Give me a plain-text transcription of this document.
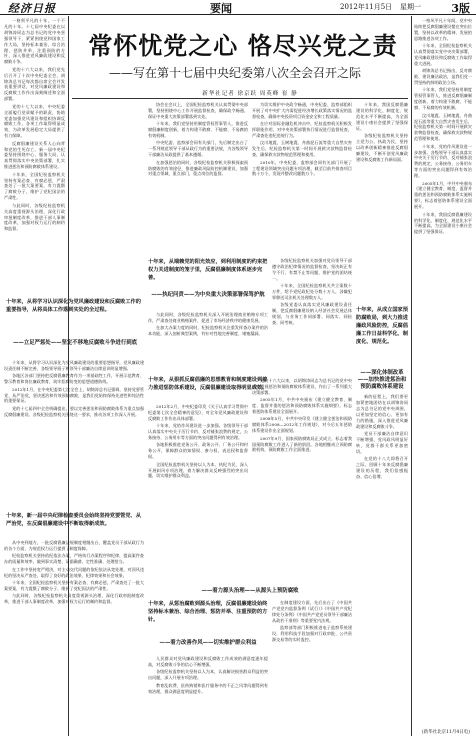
经济日报	要闻	2012年11月5日 星期一	3版
常怀忧党之心 恪尽兴党之责
——写在第十七届中央纪委第八次全会召开之际
新华社记者 徐京跃 周英峰 崔 静

一格须平凡的十年，一个不凡的十年。十七届中央纪委在以胡锦涛同志为总书记的党中央坚强领导下，紧紧围绕党和国家工作大局，坚持标本兼治、综合治理、惩防并举、注重预防的方针，深入推进党风廉政建设和反腐败斗争。

党的十六大以来，我们党先后召开了十次中央纪委全会，胡锦涛总书记每次都出席全会并发表重要讲话，对党风廉政建设和反腐败工作作出深刻阐述和全面部署。

党的十七大以来，中央纪委全面履行党章赋予的职责，协助党委加强党风建设和组织协调反腐败工作，各项工作取得明显成效，为改革发展稳定大局提供了有力保障。

反腐倡廉建设关系人心向背和党的生死存亡。新一届中央纪委坚持围绕中心、服务大局，认真贯彻落实中央决策部署，扎实推进惩治和预防腐败体系建设。

十年来，全国纪检监察机关坚持有案必查、有腐必惩，严肃查处了一批大案要案，有力震慑了腐败分子，维护了党纪国法的严肃性。

与此同时，各级纪检监察机关高度重视源头治理，深化行政审批制度改革，推进干部人事制度改革，加强对权力运行的制约和监督。

十年来，从将学习认识深化为党风廉政建设和反腐败工作的重要指导，从将具体工作落到实处的全过程。
——立足严惩处——坚定不移地反腐败斗争进行到底

十年来，从将学习认识深化为党风廉政建设的重要思想指导，党风廉政建设责任制不断完善，各级领导班子和领导干部廉洁自律意识明显增强。

各地区各部门坚持把反腐倡廉教育作为一项基础性工作，开展示范教育、警示教育和岗位廉政教育，筑牢拒腐防变的思想道德防线。

2012年1月，在中央纪委第七次全会上，胡锦涛总书记强调，坚持党要管党、从严治党，坚决惩治和有效预防腐败，是我们党始终保持先进性和纯洁性的重要保证。

党的十七届四中全会明确提出，要以完善惩治和预防腐败体系为重点加强反腐倡廉建设。各级纪检监察机关围绕这一要求，推动各项工作深入开展。

十年来，新一届中央纪律检查委员会始终坚持党要管党、从严治党，在反腐倡廉建设中不断取得新成效。

从中央到地方，一批反腐倡廉法规制度相继出台，覆盖党员干部从政行为的各个方面，为规范权力运行提供了制度保障。

纪检监察机关坚持依纪依法办案，严格执行办案程序和纪律，提高案件查办的质量和效率，做到事实清楚、证据确凿、定性准确、处理恰当。

在工作中坚持宽严相济，对主动交代问题的依纪依法从宽处理，对顶风违纪的坚决从严查处，取得了良好的政治效果、纪律效果和社会效果。

十年来，全国纪检监察机关坚持有案必查、有腐必惩，严肃查处了一批大案要案，有力震慑了腐败分子，维护了党纪国法的严肃性。

与此同时，各级纪检监察机关高度重视源头治理，深化行政审批制度改革，推进干部人事制度改革，加强对权力运行的制约和监督。

协会在会议上，全国纪检监察机关认真贯彻中央部署，坚持围绕中心工作开展监督检查，确保政令畅通，保证中央重大决策部署落到实处。

十年来，我们党坚持用制度管权管事管人，推进反腐倡廉制度创新，着力构建不敢腐、不能腐、不易腐的有效机制。

中央纪委、监察部会同有关部门，先后制定出台了一系列规范领导干部从政行为的重要法规，为各级领导干部廉洁从政提供了基本遵循。

在加强惩治的同时，各级纪检监察机关积极探索预防腐败的有效途径，推进廉政风险防控机制建设，加强对重点领域、重点部门、重点岗位的监督。

为切实维护中央政令畅通，中央纪委、监察部组织开展了对中央扩大内需促进经济增长政策落实情况的监督检查，确保中央投资项目资金安全和工程质量。

在应对国际金融危机冲击中，纪检监察机关积极发挥职能作用，对中央决策部署执行情况进行监督检查，严肃查处违纪违规行为。

汶川地震、玉树地震、舟曲泥石流等重大自然灾害发生后，纪检监察机关第一时间开展救灾款物监督检查，确保救灾款物规范管理和使用。

2010年，中央纪委、监察部会同有关部门开展了工程建设领域突出问题专项治理，截至目前共排查项目数十万个，发现并整改问题数万个。

十年来，从端赖党的阳光效应，到利用制度的约束把权力关进制度的笼子里，反腐倡廉制度体系逐步完善。
——执纪问责——为中央重大决策部署保驾护航

与此同时，各级纪检监察机关深入开展治理商业贿赂专项工作，严肃查处商业贿赂案件，促进了市场经济秩序的健康发展。

在加大办案力度的同时，纪检监察机关注重发挥查办案件的治本功能，深入剖析典型案例，有针对性地完善制度、堵塞漏洞。

各级纪检监察机关加强对党员领导干部遵守政治纪律情况的监督检查，坚决纠正有令不行、有禁不止等问题，维护党的团结统一。

十年来，全国纪检监察机关共立案数十万件，给予党纪政纪处分数十万人，涉嫌犯罪移送司法机关处理数万人。

各级党委认真落实党风廉政建设责任制，把反腐倡廉建设纳入经济社会发展总体规划，与业务工作同部署、同落实、同检查、同考核。

十年来，从狠抓反腐倡廉的思想教育和制度建设到着力推进惩防体系建设，反腐倡廉建设取得明显成效。

2012年2月，中央纪委印发《关于认真学习贯彻中纪委第七次全会精神的意见》，对全年党风廉政建设和反腐败工作作出具体部署。

十年来，党的作风建设进一步加强。各级领导干部认真落实中央关于厉行节约、反对铺张浪费的规定，公务接待、公务用车等方面的突出问题得到有效治理。

各地积极推进党务公开、政务公开、厂务公开和村务公开，保障群众的知情权、参与权、表达权和监督权。

全国纪检监察机关坚持以人为本、执纪为民，深入开展纠风专项治理，着力解决群众反映强烈的突出问题，切实维护群众利益。

党的十六大以来，以胡锦涛同志为总书记的党中央高度重视惩治和预防腐败体系建设，作出了一系列重大决策部署。

2005年1月，中共中央颁布《建立健全教育、制度、监督并重的惩治和预防腐败体系实施纲要》，标志着惩防体系建设全面展开。

2008年5月，中共中央印发《建立健全惩治和预防腐败体系2008—2012年工作规划》，对今后五年惩防体系建设作出全面规划。

2007年9月，国家预防腐败局正式成立，标志着我国预防腐败工作进入了新的阶段。各地相继成立预防腐败机构，预防腐败工作全面推进。

——着力源头治理——从源头上预防腐败
十年来，从惩治腐败到源头治理，反腐倡廉建设始终坚持标本兼治、综合治理、惩防并举、注重预防的方针。
——着力改善作风——切实维护群众利益

人民群众对党风廉政建设和反腐败工作成效的满意度逐年提高，对反腐败斗争的信心不断增强。

各级纪检监察机关坚持以人为本，认真解决损害群众利益的突出问题，深入开展专项治理。

教育乱收费、医药购销和医疗服务中的不正之风等问题得到有效治理，群众满意度明显提升。

在制度建设方面，先后出台了《中国共产党党内监督条例（试行）》《中国共产党纪律处分条例》《中国共产党党员领导干部廉洁从政若干准则》等重要党内法规。

监察部等部门积极推进电子监察系统建设，利用科技手段加强对行政审批、公共资源交易等的实时监控。

十年来，我国反腐倡廉建设的科学化、制度化、规范化水平不断提高，为全面建设小康社会提供了坚强保证。

各级纪检监察机关坚持立党为公、执政为民，坚持以改革创新精神推进反腐倡廉建设，不断开创党风廉政建设和反腐败工作新局面。

十年来，从成立国家预防腐败局，到大力推进廉政风险防控，反腐倡廉工作日益科学化、制度化、规范化。
——深化体制改革——加快推进惩治和预防腐败体系建设

新的征程上，我们要更加紧密地团结在以胡锦涛同志为总书记的党中央周围，以更加坚定的信心、更加有力的措施，深入推进党风廉政建设和反腐败斗争。

党员干部廉洁自律意识不断增强，党风政风明显好转，党群干群关系更加密切。

在党的十八大即将召开之际，回顾十年来反腐倡廉建设的历程，我们倍感振奋、信心倍增。

一格风平凡十年间，党中央始终把反腐倡廉建设摆在突出位置，坚持以改革的精神、发展的思路推进各项工作。

十年来，全国纪检监察机关认真贯彻落实党中央决策部署，党风廉政建设和反腐败工作取得重大进展。

胡锦涛总书记指出，反对腐败、建设廉洁政治，是我们党一贯坚持的鲜明政治立场。

十年来，我们党坚持用制度管权管事管人，推进反腐倡廉制度创新，着力构建不敢腐、不能腐、不易腐的有效机制。

汶川地震、玉树地震、舟曲泥石流等重大自然灾害发生后，纪检监察机关第一时间开展救灾款物监督检查，确保救灾款物规范管理和使用。

十年来，党的作风建设进一步加强。各级领导干部认真落实中央关于厉行节约、反对铺张浪费的规定，公务接待、公务用车等方面的突出问题得到有效治理。

2005年1月，中共中央颁布《建立健全教育、制度、监督并重的惩治和预防腐败体系实施纲要》，标志着惩防体系建设全面展开。

十年来，我国反腐倡廉建设的科学化、制度化、规范化水平不断提高，为全面建设小康社会提供了坚强保证。

(新华社北京11月4日电)
